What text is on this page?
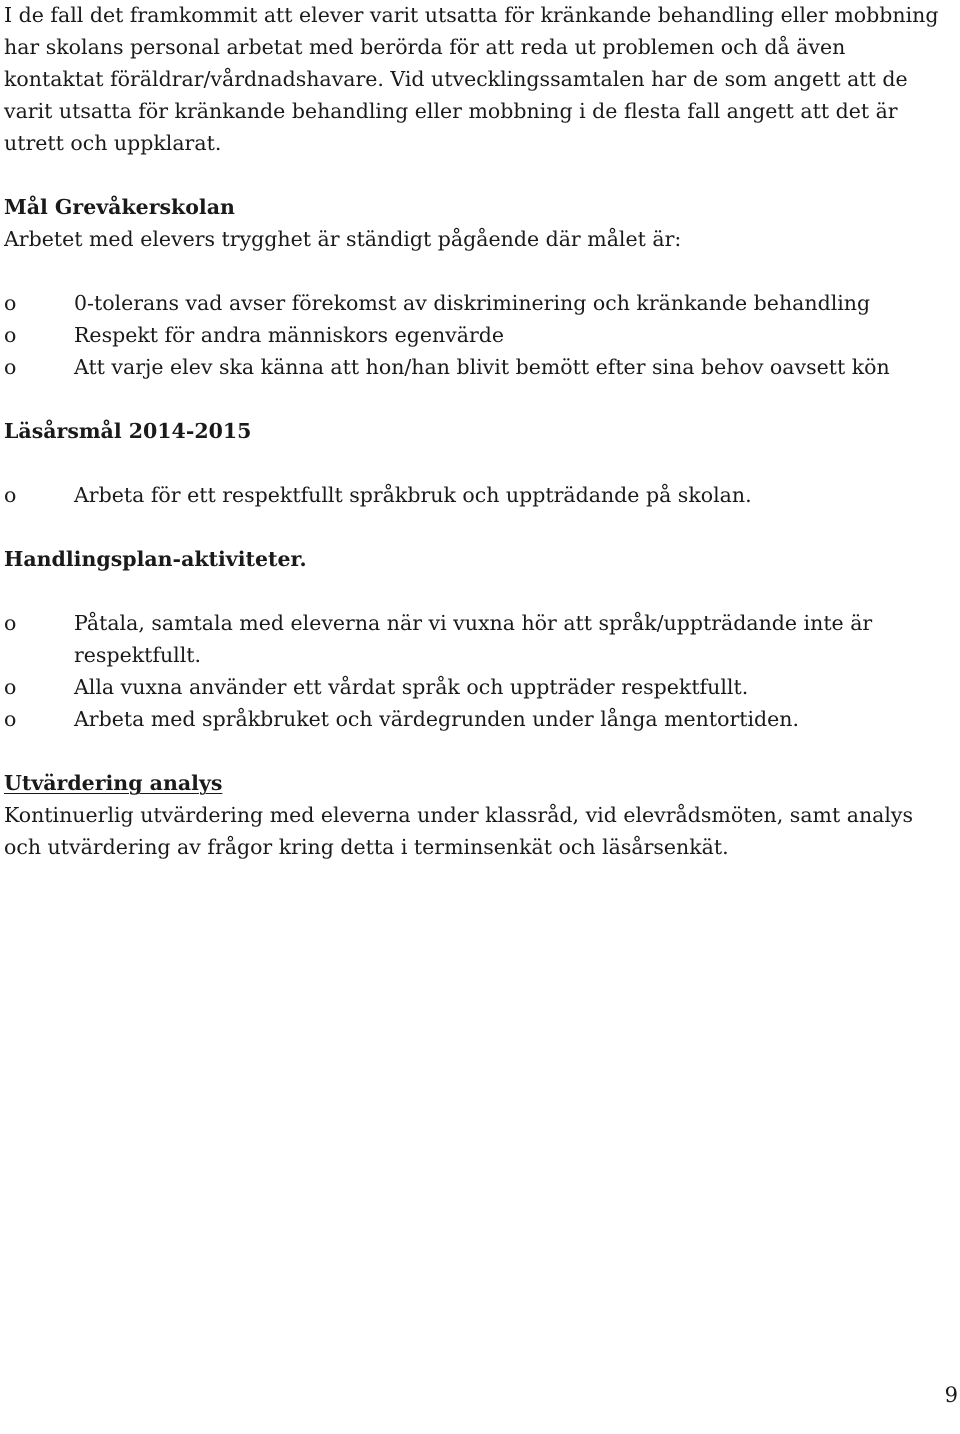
I de fall det framkommit att elever varit utsatta för kränkande behandling eller mobbning har skolans personal arbetat med berörda för att reda ut problemen och då även kontaktat föräldrar/vårdnadshavare. Vid utvecklingssamtalen har de som angett att de varit utsatta för kränkande behandling eller mobbning i de flesta fall angett att det är utrett och uppklarat.

Mål Grevåkerskolan

Arbetet med elevers trygghet är ständigt pågående där målet är:

o	0-tolerans vad avser förekomst av diskriminering och kränkande behandling
o	Respekt för andra människors egenvärde
o	Att varje elev ska känna att hon/han blivit bemött efter sina behov oavsett kön

Läsårsmål 2014-2015

o	Arbeta för ett respektfullt språkbruk och uppträdande på skolan.

Handlingsplan-aktiviteter.

o	Påtala, samtala med eleverna när vi vuxna hör att språk/uppträdande inte är respektfullt.
o	Alla vuxna använder ett vårdat språk och uppträder respektfullt.
o	Arbeta med språkbruket och värdegrunden under långa mentortiden.

Utvärdering analys

Kontinuerlig utvärdering med eleverna under klassråd, vid elevrådsmöten, samt analys och utvärdering av frågor kring detta i terminsenkät och läsårsenkät.

9
